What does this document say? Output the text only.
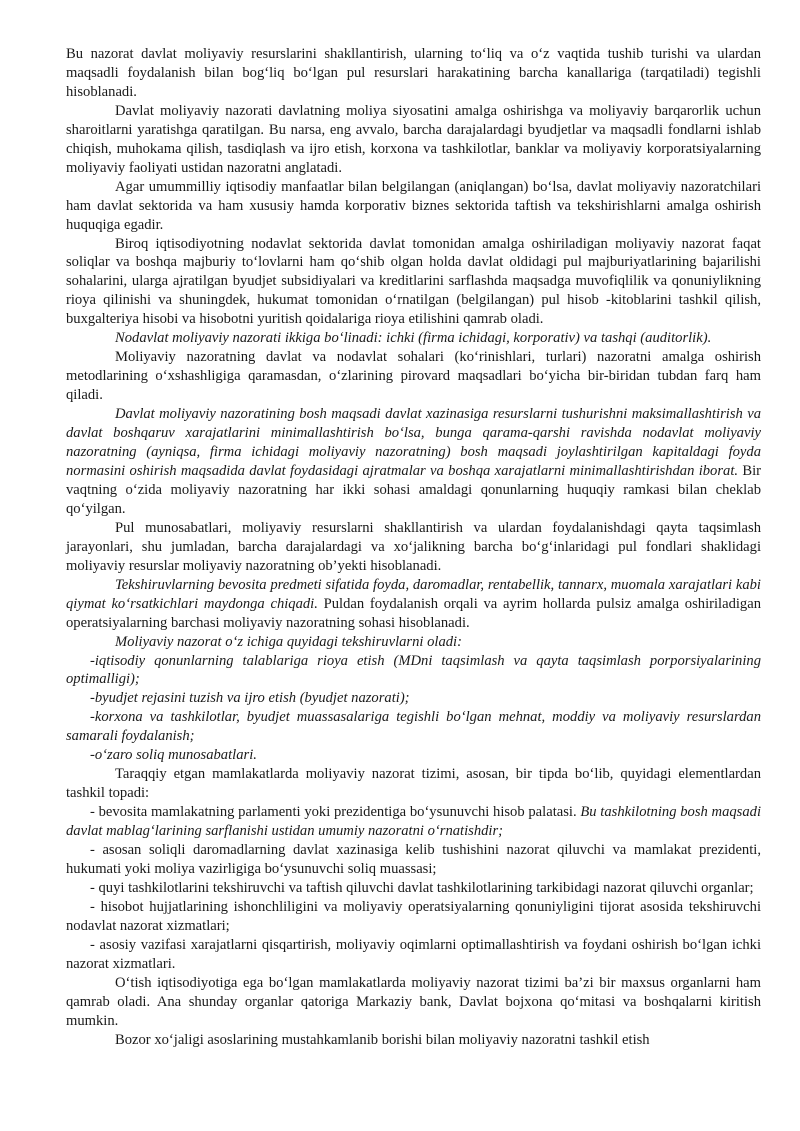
Bu nazorat davlat moliyaviy resurslarini shakllantirish, ularning to‘liq va o‘z vaqtida tushib turishi va ulardan maqsadli foydalanish bilan bog‘liq bo‘lgan pul resurslari harakatining barcha kanallariga (tarqatiladi) tegishli hisoblanadi.

Davlat moliyaviy nazorati davlatning moliya siyosatini amalga oshirishga va moliyaviy barqarorlik uchun sharoitlarni yaratishga qaratilgan. Bu narsa, eng avvalo, barcha darajalardagi byudjetlar va maqsadli fondlarni ishlab chiqish, muhokama qilish, tasdiqlash va ijro etish, korxona va tashkilotlar, banklar va moliyaviy korporatsiyalarning moliyaviy faoliyati ustidan nazoratni anglatadi.

Agar umummilliy iqtisodiy manfaatlar bilan belgilangan (aniqlangan) bo‘lsa, davlat moliyaviy nazoratchilari ham davlat sektorida va ham xususiy hamda korporativ biznes sektorida taftish va tekshirishlarni amalga oshirish huquqiga egadir.

Biroq iqtisodiyotning nodavlat sektorida davlat tomonidan amalga oshiriladigan moliyaviy nazorat faqat soliqlar va boshqa majburiy to‘lovlarni ham qo‘shib olgan holda davlat oldidagi pul majburiyatlarining bajarilishi sohalarini, ularga ajratilgan byudjet subsidiyalari va kreditlarini sarflashda maqsadga muvofiqlilik va qonuniylikning rioya qilinishi va shuningdek, hukumat tomonidan o‘rnatilgan (belgilangan) pul hisob -kitoblarini tashkil qilish, buxgalteriya hisobi va hisobotni yuritish qoidalariga rioya etilishini qamrab oladi.

Nodavlat moliyaviy nazorati ikkiga bo‘linadi: ichki (firma ichidagi, korporativ) va tashqi (auditorlik).

Moliyaviy nazoratning davlat va nodavlat sohalari (ko‘rinishlari, turlari) nazoratni amalga oshirish metodlarining o‘xshashligiga qaramasdan, o‘zlarining pirovard maqsadlari bo‘yicha bir-biridan tubdan farq ham qiladi.

Davlat moliyaviy nazoratining bosh maqsadi davlat xazinasiga resurslarni tushurishni maksimallashtirish va davlat boshqaruv xarajatlarini minimallashtirish bo‘lsa, bunga qarama-qarshi ravishda nodavlat moliyaviy nazoratning (ayniqsa, firma ichidagi moliyaviy nazoratning) bosh maqsadi joylashtirilgan kapitaldagi foyda normasini oshirish maqsadida davlat foydasidagi ajratmalar va boshqa xarajatlarni minimallashtirishdan iborat. Bir vaqtning o‘zida moliyaviy nazoratning har ikki sohasi amaldagi qonunlarning huquqiy ramkasi bilan cheklab qo‘yilgan.

Pul munosabatlari, moliyaviy resurslarni shakllantirish va ulardan foydalanishdagi qayta taqsimlash jarayonlari, shu jumladan, barcha darajalardagi va xo‘jalikning barcha bo‘g‘inlaridagi pul fondlari shaklidagi moliyaviy resurslar moliyaviy nazoratning ob’yekti hisoblanadi.

Tekshiruvlarning bevosita predmeti sifatida foyda, daromadlar, rentabellik, tannarx, muomala xarajatlari kabi qiymat ko‘rsatkichlari maydonga chiqadi. Puldan foydalanish orqali va ayrim hollarda pulsiz amalga oshiriladigan operatsiyalarning barchasi moliyaviy nazoratning sohasi hisoblanadi.

Moliyaviy nazorat o‘z ichiga quyidagi tekshiruvlarni oladi:

-iqtisodiy qonunlarning talablariga rioya etish (MDni taqsimlash va qayta taqsimlash porporsiyalarining optimalligi);

-byudjet rejasini tuzish va ijro etish (byudjet nazorati);

-korxona va tashkilotlar, byudjet muassasalariga tegishli bo‘lgan mehnat, moddiy va moliyaviy resurslardan samarali foydalanish;

-o‘zaro soliq munosabatlari.

Taraqqiy etgan mamlakatlarda moliyaviy nazorat tizimi, asosan, bir tipda bo‘lib, quyidagi elementlardan tashkil topadi:

- bevosita mamlakatning parlamenti yoki prezidentiga bo‘ysunuvchi hisob palatasi. Bu tashkilotning bosh maqsadi davlat mablag‘larining sarflanishi ustidan umumiy nazoratni o‘rnatishdir;

- asosan soliqli daromadlarning davlat xazinasiga kelib tushishini nazorat qiluvchi va mamlakat prezidenti, hukumati yoki moliya vazirligiga bo‘ysunuvchi soliq muassasi;

- quyi tashkilotlarini tekshiruvchi va taftish qiluvchi davlat tashkilotlarining tarkibidagi nazorat qiluvchi organlar;

- hisobot hujjatlarining ishonchliligini va moliyaviy operatsiyalarning qonuniyligini tijorat asosida tekshiruvchi nodavlat nazorat xizmatlari;

- asosiy vazifasi xarajatlarni qisqartirish, moliyaviy oqimlarni optimallashtirish va foydani oshirish bo‘lgan ichki nazorat xizmatlari.

O‘tish iqtisodiyotiga ega bo‘lgan mamlakatlarda moliyaviy nazorat tizimi ba’zi bir maxsus organlarni ham qamrab oladi. Ana shunday organlar qatoriga Markaziy bank, Davlat bojxona qo‘mitasi va boshqalarni kiritish mumkin.

Bozor xo‘jaligi asoslarining mustahkamlanib borishi bilan moliyaviy nazoratni tashkil etish
